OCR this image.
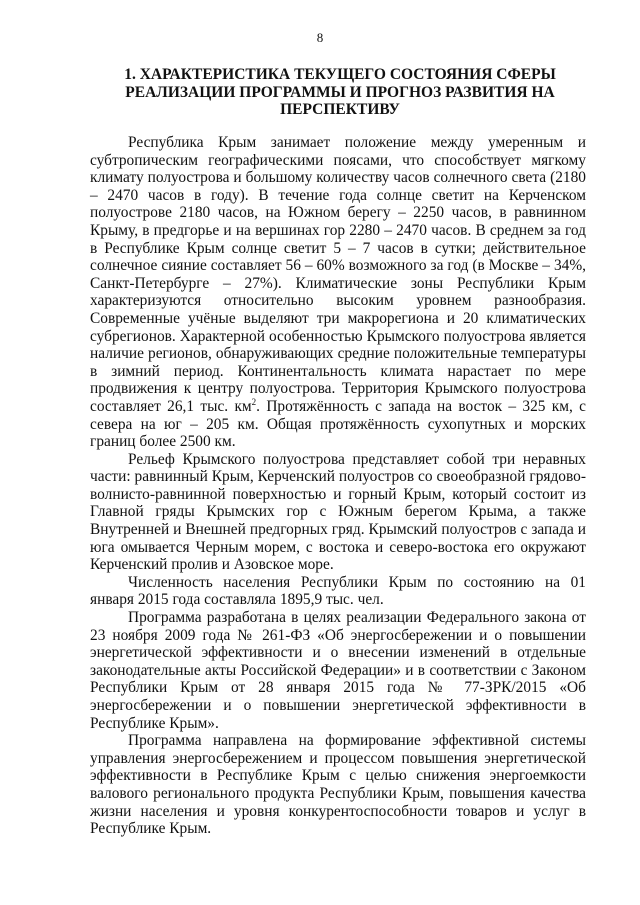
8
1. ХАРАКТЕРИСТИКА ТЕКУЩЕГО СОСТОЯНИЯ СФЕРЫ
РЕАЛИЗАЦИИ ПРОГРАММЫ И ПРОГНОЗ РАЗВИТИЯ НА
ПЕРСПЕКТИВУ

Республика Крым занимает положение между умеренным и субтропическим географическими поясами, что способствует мягкому климату полуострова и большому количеству часов солнечного света (2180 – 2470 часов в году). В течение года солнце светит на Керченском полуострове 2180 часов, на Южном берегу – 2250 часов, в равнинном Крыму, в предгорье и на вершинах гор 2280 – 2470 часов. В среднем за год в Республике Крым солнце светит 5 – 7 часов в сутки; действительное солнечное сияние составляет 56 – 60% возможного за год (в Москве – 34%, Санкт-Петербурге – 27%). Климатические зоны Республики Крым характеризуются относительно высоким уровнем разнообразия. Современные учёные выделяют три макрорегиона и 20 климатических субрегионов. Характерной особенностью Крымского полуострова является наличие регионов, обнаруживающих средние положительные температуры в зимний период. Континентальность климата нарастает по мере продвижения к центру полуострова. Территория Крымского полуострова составляет 26,1 тыс. $км^2$. Протяжённость с запада на восток – 325 км, с севера на юг – 205 км. Общая протяжённость сухопутных и морских границ более 2500 км.

Рельеф Крымского полуострова представляет собой три неравных части: равнинный Крым, Керченский полуостров со своеобразной грядово-волнисто-равнинной поверхностью и горный Крым, который состоит из Главной гряды Крымских гор с Южным берегом Крыма, а также Внутренней и Внешней предгорных гряд. Крымский полуостров с запада и юга омывается Черным морем, с востока и северо-востока его окружают Керченский пролив и Азовское море.

Численность населения Республики Крым по состоянию на 01 января 2015 года составляла 1895,9 тыс. чел.

Программа разработана в целях реализации Федерального закона от 23 ноября 2009 года № 261-ФЗ «Об энергосбережении и о повышении энергетической эффективности и о внесении изменений в отдельные законодательные акты Российской Федерации» и в соответствии с Законом Республики Крым от 28 января 2015 года № 77-ЗРК/2015 «Об энергосбережении и о повышении энергетической эффективности в Республике Крым».

Программа направлена на формирование эффективной системы управления энергосбережением и процессом повышения энергетической эффективности в Республике Крым с целью снижения энергоемкости валового регионального продукта Республики Крым, повышения качества жизни населения и уровня конкурентоспособности товаров и услуг в Республике Крым.
